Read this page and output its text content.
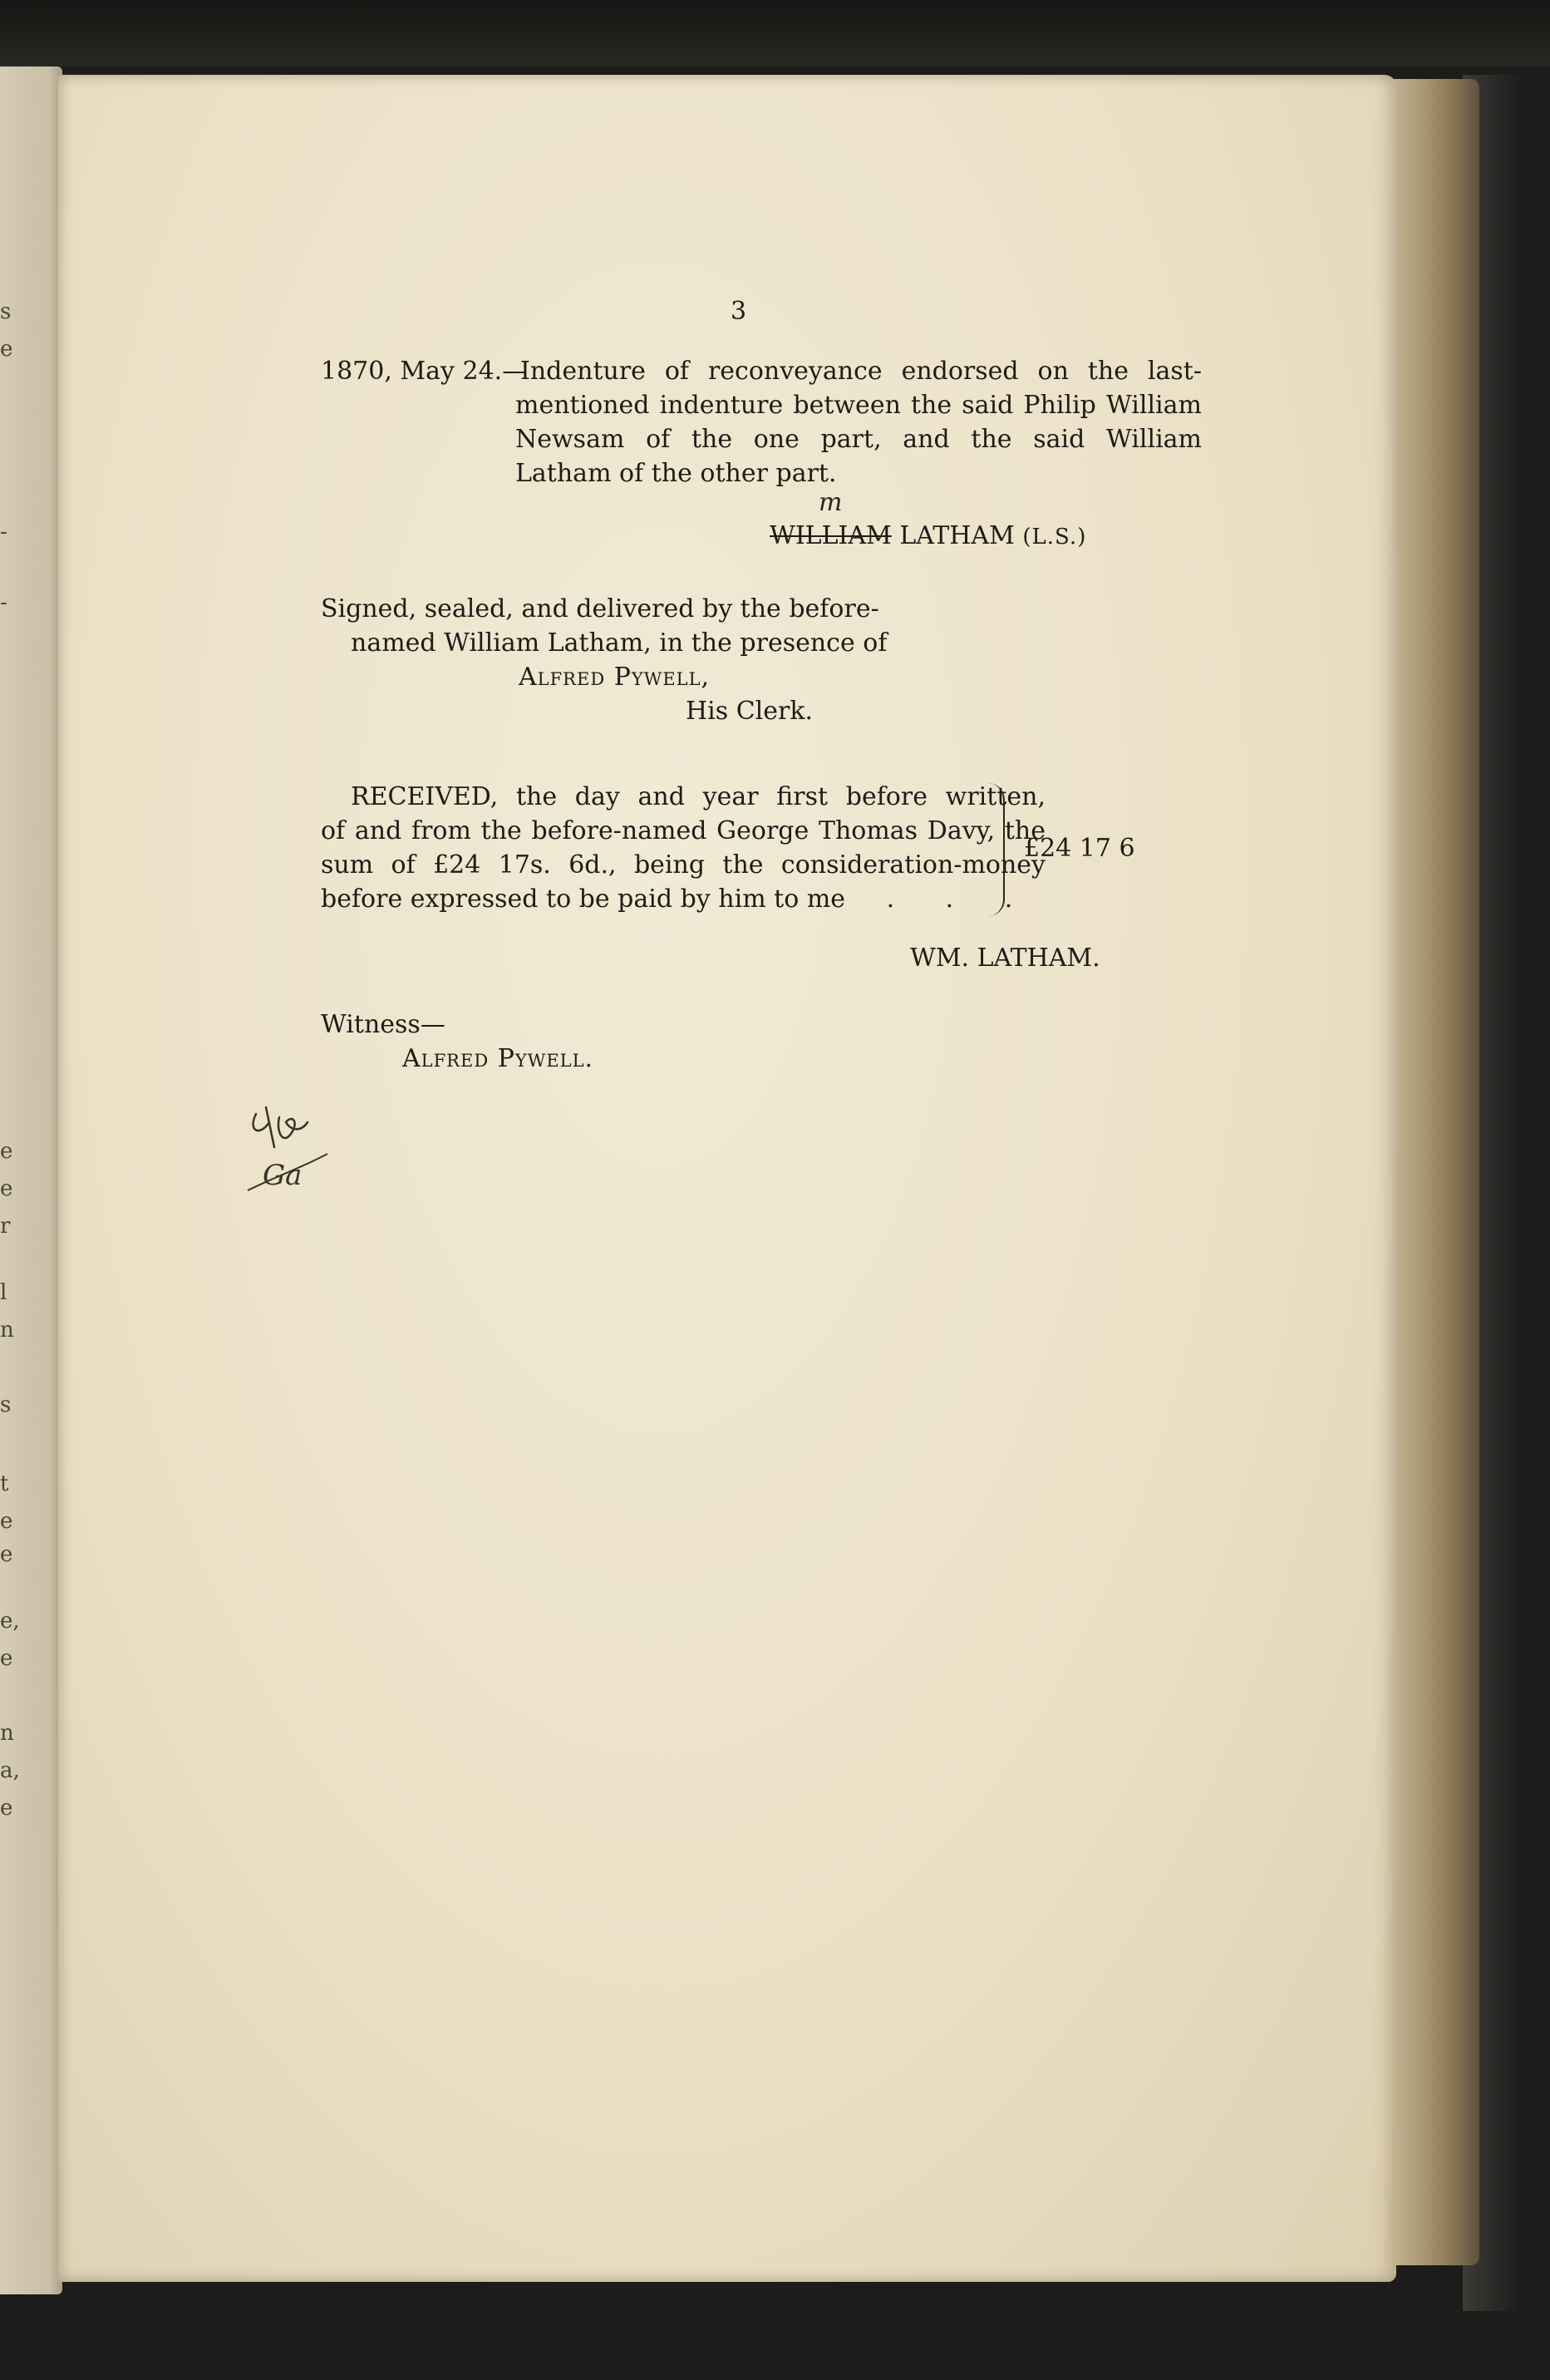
s
e
-
-
e
e
r
l
n
s
t
e
e
e,
e
n
a,
e
3
1870, May 24.—
Indenture of reconveyance endorsed on the last-
mentioned indenture between the said Philip William
Newsam of the one part, and the said William
Latham of the other part.
m
WILLIAM LATHAM (L.S.)
Signed, sealed, and delivered by the before-
named William Latham, in the presence of
Alfred Pywell,
His Clerk.
RECEIVED, the day and year first before written,
of and from the before-named George Thomas Davy, the
sum of £24 17s. 6d., being the consideration-money
before expressed to be paid by him to me . . .
£24 17 6
WM. LATHAM.
Witness—
Alfred Pywell.
Ga
